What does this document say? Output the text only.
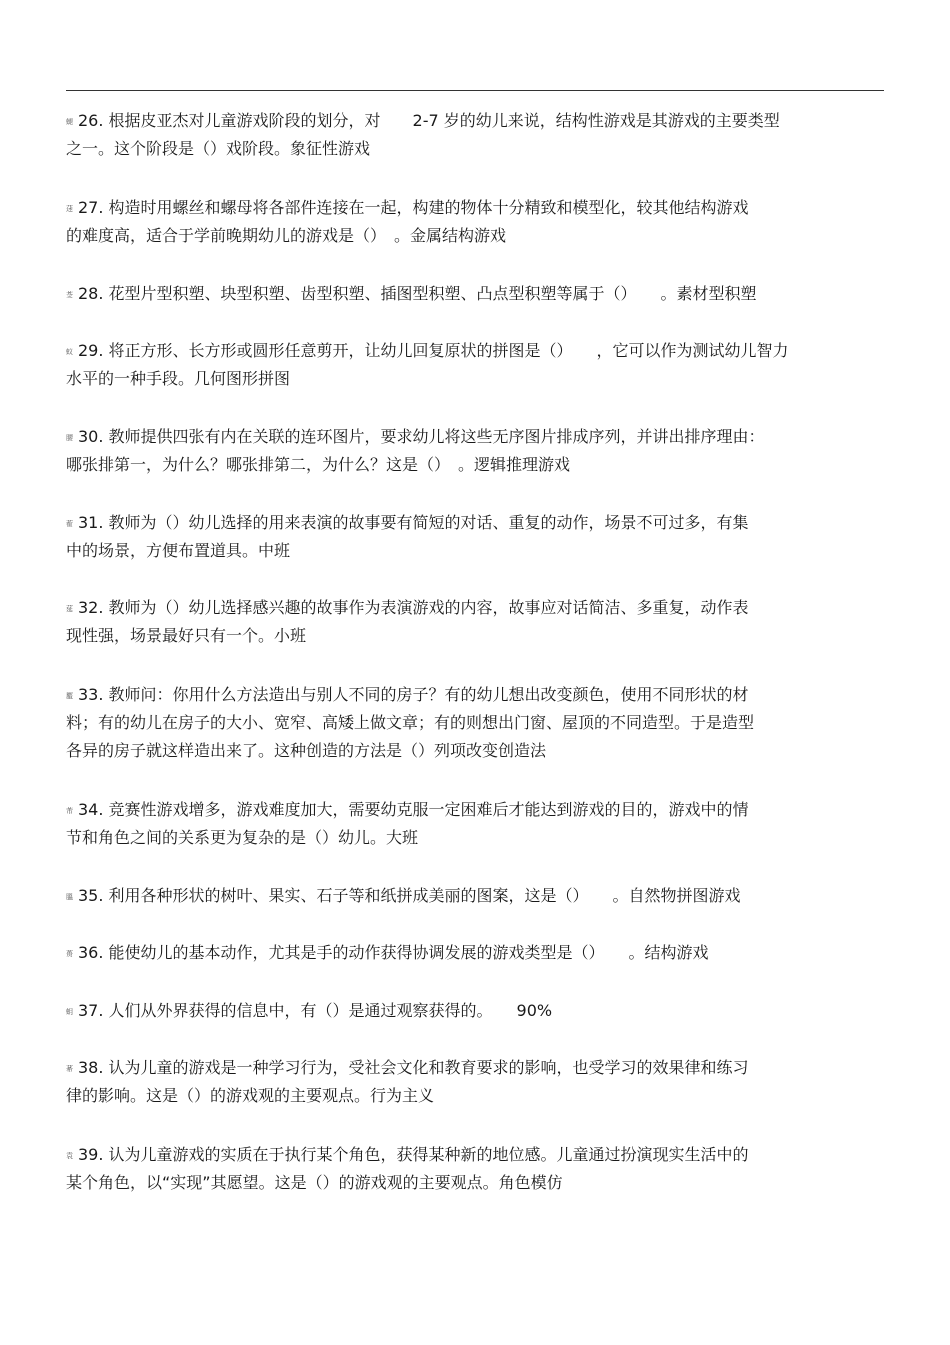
螁 26. 根据皮亚杰对儿童游戏阶段的划分，对　　2-7 岁的幼儿来说，结构性游戏是其游戏的主要类型
之一。这个阶段是（）戏阶段。象征性游戏
蒁 27. 构造时用螺丝和螺母将各部件连接在一起，构建的物体十分精致和模型化，较其他结构游戏
的难度高，适合于学前晚期幼儿的游戏是（）　。金属结构游戏
莶 28. 花型片型积塑、块型积塑、齿型积塑、插图型积塑、凸点型积塑等属于（）　　。素材型积塑
蚁 29. 将正方形、长方形或圆形任意剪开，让幼儿回复原状的拼图是（）　　，它可以作为测试幼儿智力
水平的一种手段。几何图形拼图
腰 30. 教师提供四张有内在关联的连环图片，要求幼儿将这些无序图片排成序列，并讲出排序理由：
哪张排第一，为什么？哪张排第二，为什么？这是（）　。逻辑推理游戏
蒮 31. 教师为（）幼儿选择的用来表演的故事要有简短的对话、重复的动作，场景不可过多，有集
中的场景，方便布置道具。中班
莚 32. 教师为（）幼儿选择感兴趣的故事作为表演游戏的内容，故事应对话简洁、多重复，动作表
现性强，场景最好只有一个。小班
蟨 33. 教师问：你用什么方法造出与别人不同的房子？有的幼儿想出改变颜色，使用不同形状的材
料；有的幼儿在房子的大小、宽窄、高矮上做文章；有的则想出门窗、屋顶的不同造型。于是造型
各异的房子就这样造出来了。这种创造的方法是（）列项改变创造法
芾 34. 竞赛性游戏增多，游戏难度加大，需要幼克服一定困难后才能达到游戏的目的，游戏中的情
节和角色之间的关系更为复杂的是（）幼儿。大班
膃 35. 利用各种形状的树叶、果实、石子等和纸拼成美丽的图案，这是（）　　。自然物拼图游戏
蒉 36. 能使幼儿的基本动作，尤其是手的动作获得协调发展的游戏类型是（）　　。结构游戏
蚏 37. 人们从外界获得的信息中，有（）是通过观察获得的。　　90%
莃 38. 认为儿童的游戏是一种学习行为，受社会文化和教育要求的影响，也受学习的效果律和练习
律的影响。这是（）的游戏观的主要观点。行为主义
袁 39. 认为儿童游戏的实质在于执行某个角色，获得某种新的地位感。儿童通过扮演现实生活中的
某个角色，以“实现”其愿望。这是（）的游戏观的主要观点。角色模仿
